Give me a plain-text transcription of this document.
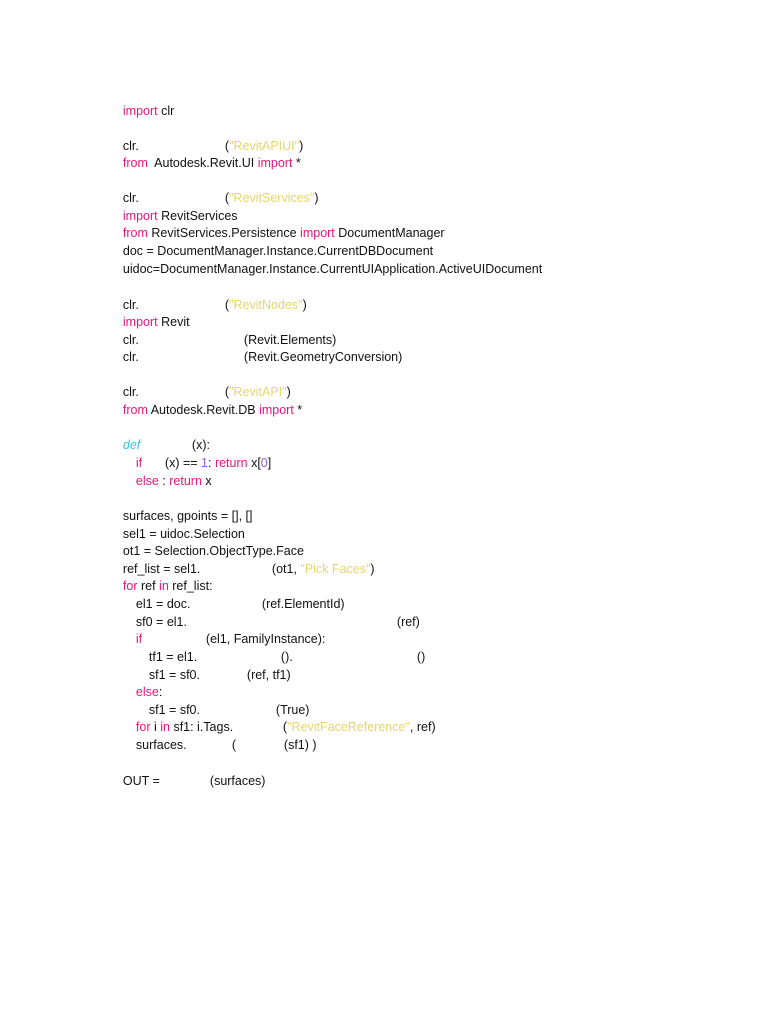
import clr

clr.
	("RevitAPIUI")

from  Autodesk.Revit.UI import *

clr.
	("RevitServices")

import RevitServices

from RevitServices.Persistence import DocumentManager

doc = DocumentManager.Instance.CurrentDBDocument

uidoc=DocumentManager.Instance.CurrentUIApplication.ActiveUIDocument

clr.
	("RevitNodes")

import Revit

clr.
	(Revit.Elements)

clr.
	(Revit.GeometryConversion)

clr.
	("RevitAPI")

from Autodesk.Revit.DB import *

def
	(x):

if
	(x) == 1: return x[0]

else : return x

surfaces, gpoints = [], []

sel1 = uidoc.Selection

ot1 = Selection.ObjectType.Face

ref_list = sel1.
	(ot1, "Pick Faces")

for ref in ref_list:

el1 = doc.
	(ref.ElementId)

sf0 = el1.
	(ref)

if
	(el1, FamilyInstance):

tf1 = el1.
	().
	()

sf1 = sf0.
	(ref, tf1)

else:

sf1 = sf0.
	(True)

for i in sf1: i.Tags.
	("RevitFaceReference", ref)

surfaces.
	(
	(sf1) )

OUT =
	(surfaces)
